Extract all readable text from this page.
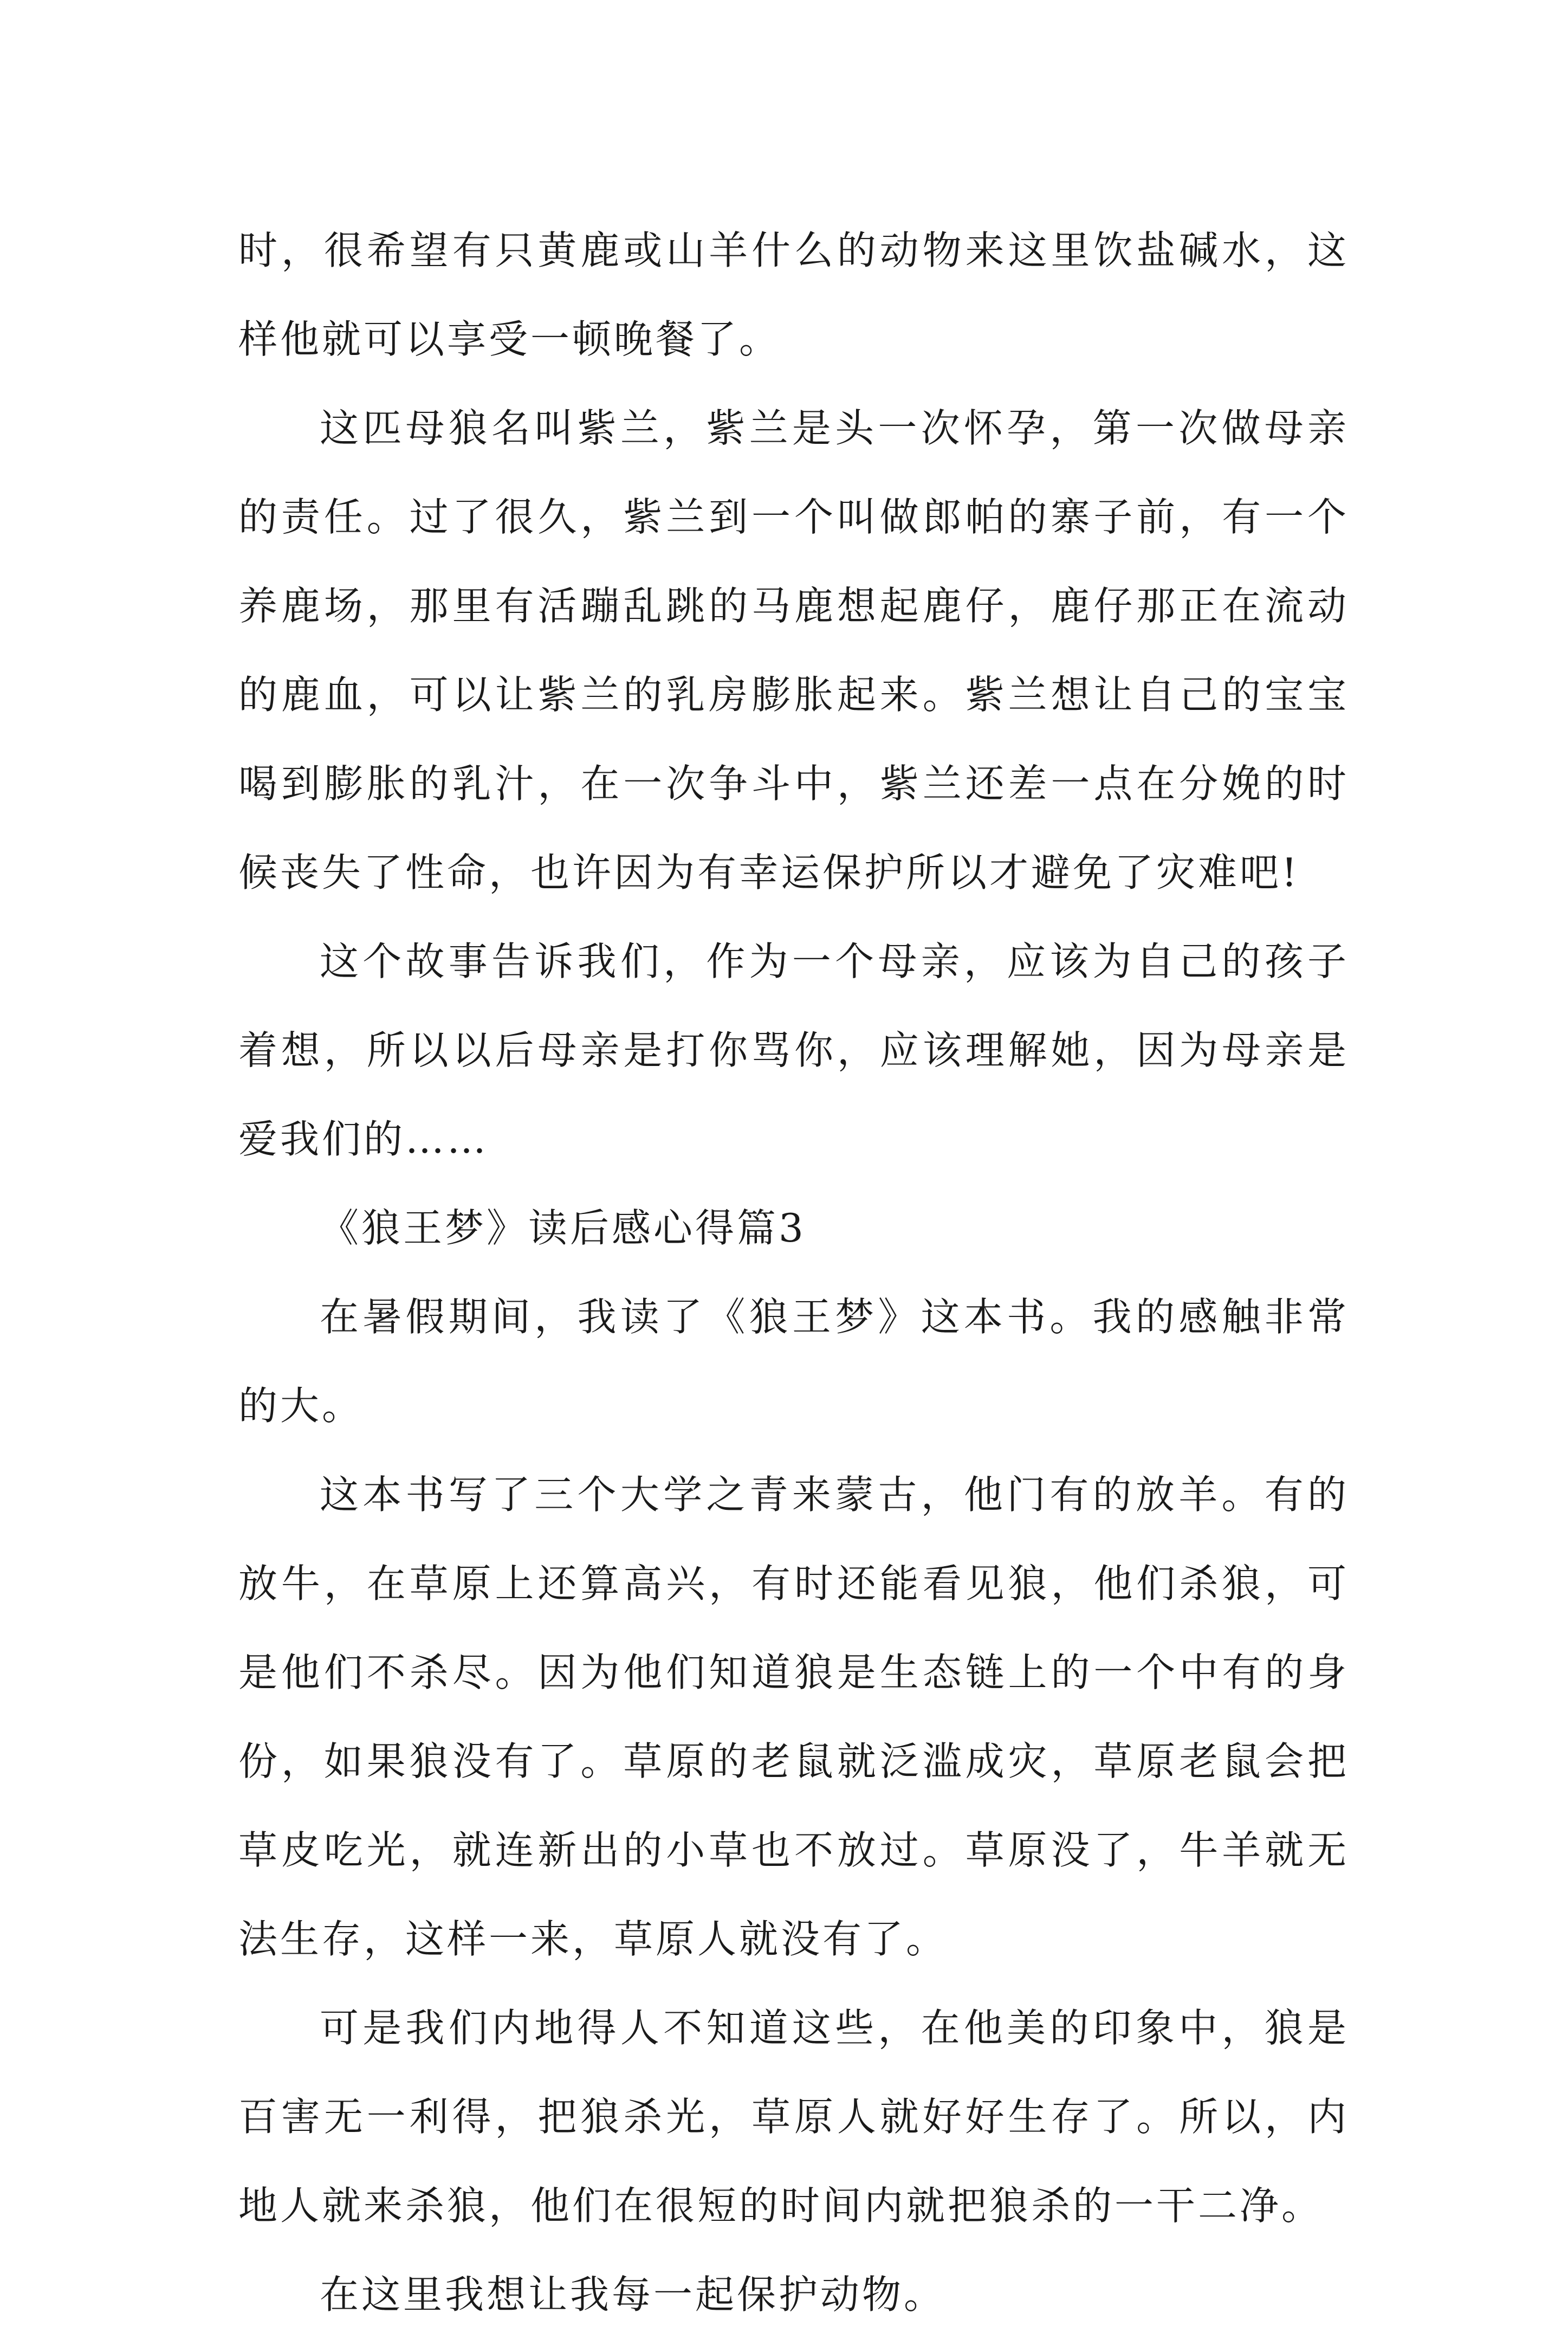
时，很希望有只黄鹿或山羊什么的动物来这里饮盐碱水，这样他就可以享受一顿晚餐了。

这匹母狼名叫紫兰，紫兰是头一次怀孕，第一次做母亲的责任。过了很久，紫兰到一个叫做郎帕的寨子前，有一个养鹿场，那里有活蹦乱跳的马鹿想起鹿仔，鹿仔那正在流动的鹿血，可以让紫兰的乳房膨胀起来。紫兰想让自己的宝宝喝到膨胀的乳汁，在一次争斗中，紫兰还差一点在分娩的时候丧失了性命，也许因为有幸运保护所以才避免了灾难吧!

这个故事告诉我们，作为一个母亲，应该为自己的孩子着想，所以以后母亲是打你骂你，应该理解她，因为母亲是爱我们的……

《狼王梦》读后感心得篇3

在暑假期间，我读了《狼王梦》这本书。我的感触非常的大。

这本书写了三个大学之青来蒙古，他门有的放羊。有的放牛，在草原上还算高兴，有时还能看见狼，他们杀狼，可是他们不杀尽。因为他们知道狼是生态链上的一个中有的身份，如果狼没有了。草原的老鼠就泛滥成灾，草原老鼠会把草皮吃光，就连新出的小草也不放过。草原没了，牛羊就无法生存，这样一来，草原人就没有了。

可是我们内地得人不知道这些，在他美的印象中，狼是百害无一利得，把狼杀光，草原人就好好生存了。所以，内地人就来杀狼，他们在很短的时间内就把狼杀的一干二净。

在这里我想让我每一起保护动物。
